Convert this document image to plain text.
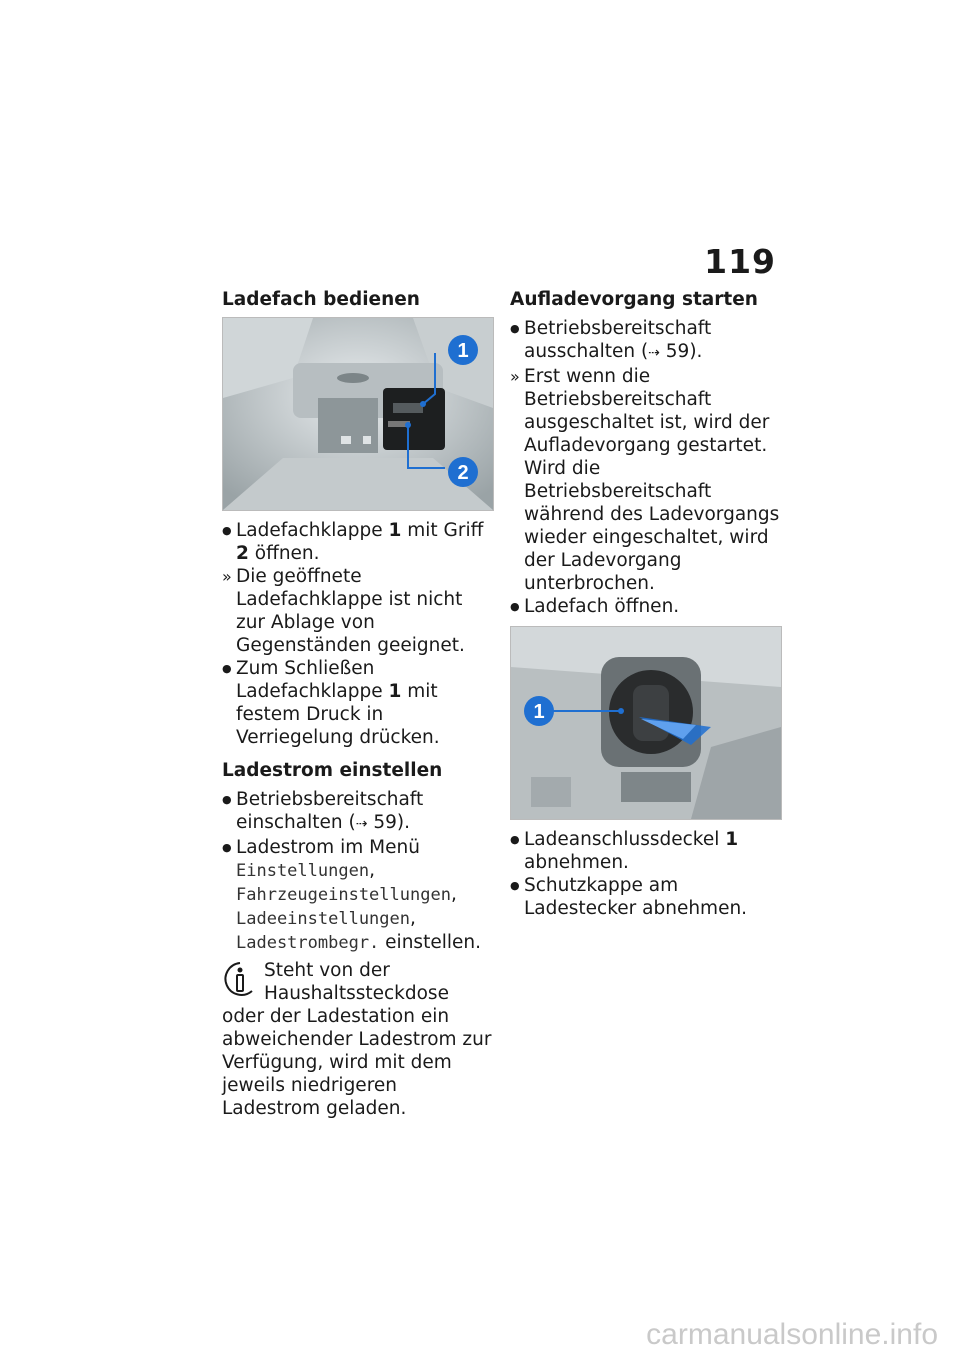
119
Ladefach bedienen
1
2

●
Ladefachklappe 1 mit Griff 2 öffnen.

»
Die geöffnete Ladefachklappe ist nicht zur Ablage von Gegenständen geeignet.

●
Zum Schließen Ladefachklappe 1 mit festem Druck in Verriegelung drücken.

Ladestrom einstellen

●
Betriebsbereitschaft einschalten (⇢ 59).

●
Ladestrom im Menü Einstellungen, Fahrzeugeinstellungen, Ladeeinstellungen, Ladestrombegr. einstellen.

Steht von der Haushaltssteckdose oder der Ladestation ein abweichender Ladestrom zur Verfügung, wird mit dem jeweils niedrigeren Ladestrom geladen.
Aufladevorgang starten

●
Betriebsbereitschaft ausschalten (⇢ 59).

»
Erst wenn die Betriebsbereitschaft ausgeschaltet ist, wird der Aufladevorgang gestartet. Wird die Betriebsbereitschaft während des Ladevorgangs wieder eingeschaltet, wird der Ladevorgang unterbrochen.

●
Ladefach öffnen.

1

●
Ladeanschlussdeckel 1 abnehmen.

●
Schutzkappe am Ladestecker abnehmen.

carmanualsonline.info
